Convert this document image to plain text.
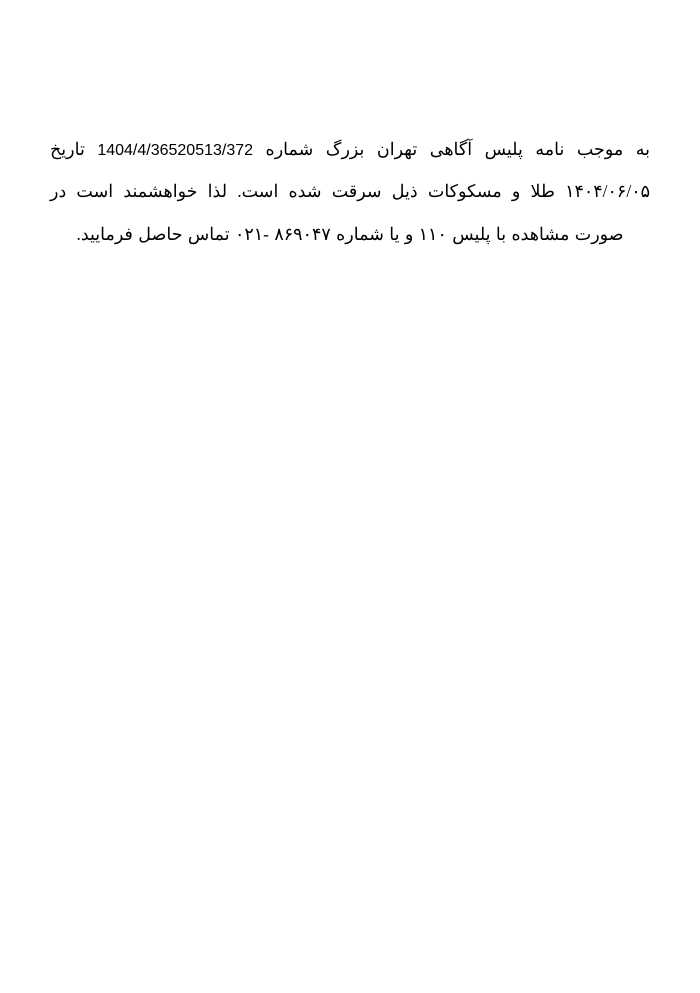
به موجب نامه پلیس آگاهی تهران بزرگ شماره 1404/4/36520513/372 تاریخ ۱۴۰۴/۰۶/۰۵ طلا و مسکوکات ذیل سرقت شده است. لذا خواهشمند است در صورت مشاهده با پلیس ۱۱۰ و یا شماره ۸۶۹۰۴۷ -۰۲۱ تماس حاصل فرمایید.
